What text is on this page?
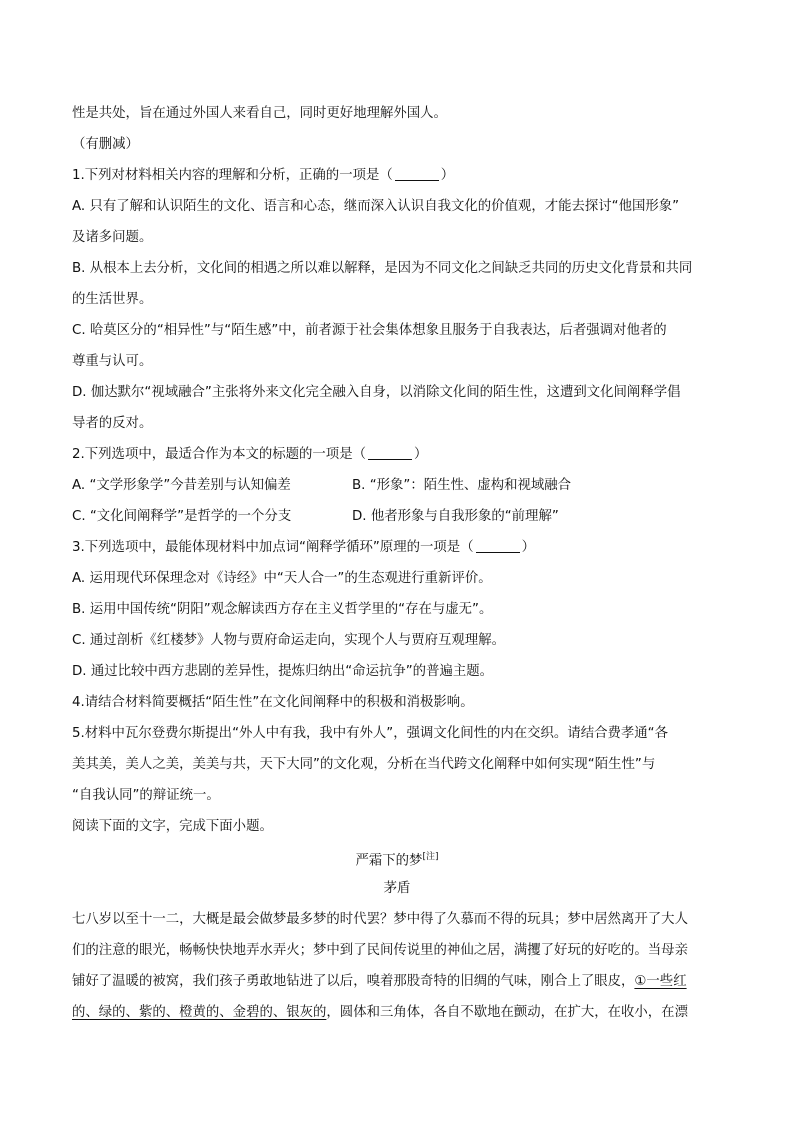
性是共处，旨在通过外国人来看自己，同时更好地理解外国人。
（有删减）
1.下列对材料相关内容的理解和分析，正确的一项是（	）
A. 只有了解和认识陌生的文化、语言和心态，继而深入认识自我文化的价值观，才能去探讨“他国形象”
及诸多问题。
B. 从根本上去分析，文化间的相遇之所以难以解释，是因为不同文化之间缺乏共同的历史文化背景和共同
的生活世界。
C. 哈莫区分的“相异性”与“陌生感”中，前者源于社会集体想象且服务于自我表达，后者强调对他者的
尊重与认可。
D. 伽达默尔“视域融合”主张将外来文化完全融入自身，以消除文化间的陌生性，这遭到文化间阐释学倡
导者的反对。
2.下列选项中，最适合作为本文的标题的一项是（	）
A. “文学形象学”今昔差别与认知偏差	B. “形象”：陌生性、虚构和视域融合
C. “文化间阐释学”是哲学的一个分支	D. 他者形象与自我形象的“前理解”
3.下列选项中，最能体现材料中加点词“阐释学循环”原理的一项是（	）
A. 运用现代环保理念对《诗经》中“天人合一”的生态观进行重新评价。
B. 运用中国传统“阴阳”观念解读西方存在主义哲学里的“存在与虚无”。
C. 通过剖析《红楼梦》人物与贾府命运走向，实现个人与贾府互观理解。
D. 通过比较中西方悲剧的差异性，提炼归纳出“命运抗争”的普遍主题。
4.请结合材料简要概括“陌生性”在文化间阐释中的积极和消极影响。
5.材料中瓦尔登费尔斯提出“外人中有我，我中有外人”，强调文化间性的内在交织。请结合费孝通“各
美其美，美人之美，美美与共，天下大同”的文化观，分析在当代跨文化阐释中如何实现“陌生性”与
“自我认同”的辩证统一。
阅读下面的文字，完成下面小题。
严霜下的梦[注]
茅盾
七八岁以至十一二，大概是最会做梦最多梦的时代罢？梦中得了久慕而不得的玩具；梦中居然离开了大人
们的注意的眼光，畅畅快快地弄水弄火；梦中到了民间传说里的神仙之居，满攫了好玩的好吃的。当母亲
铺好了温暖的被窝，我们孩子勇敢地钻进了以后，嗅着那股奇特的旧绸的气味，刚合上了眼皮，①一些红
的、绿的、紫的、橙黄的、金碧的、银灰的，圆体和三角体，各自不歇地在颤动，在扩大，在收小，在漂
